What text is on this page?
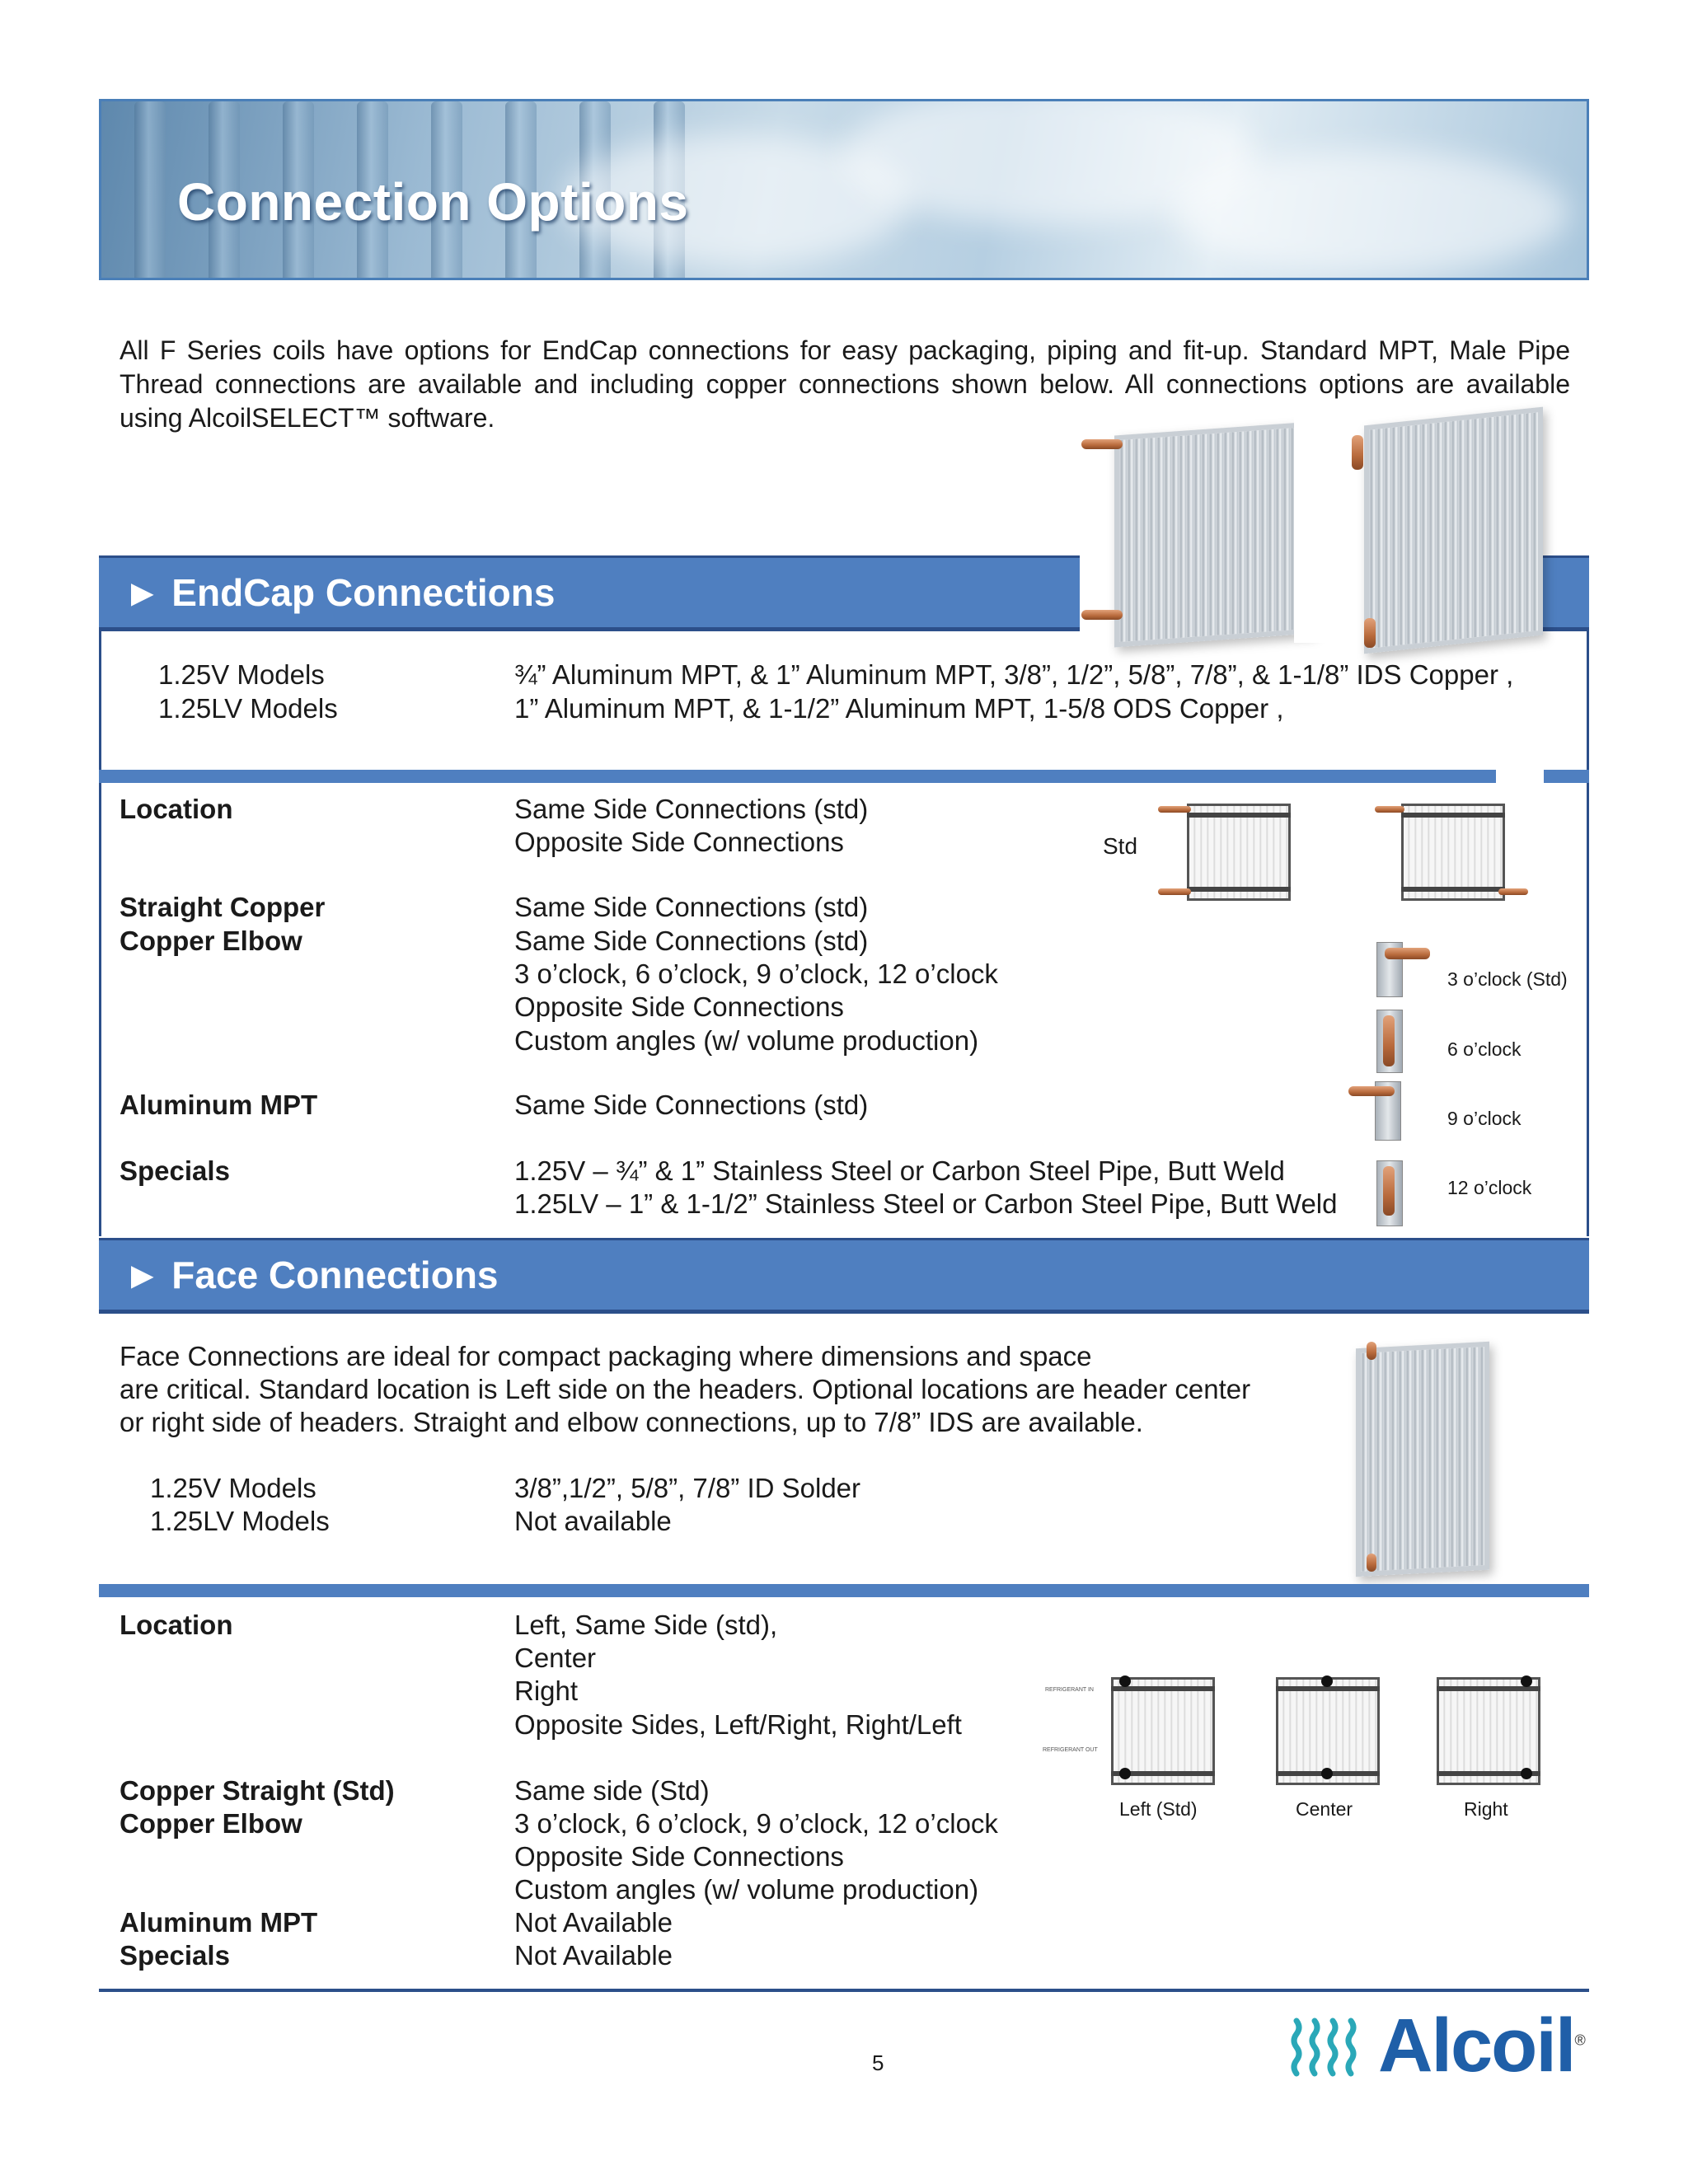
Connection Options
All F Series coils have options for EndCap connections for easy packaging, piping and fit-up. Standard MPT, Male Pipe Thread connections are available and including copper connections shown below. All connections options are available using AlcoilSELECT™ software.
► EndCap Connections
1.25V Models	¾” Aluminum MPT, & 1” Aluminum MPT, 3/8”, 1/2”, 5/8”, 7/8”, & 1-1/8” IDS Copper ,
1.25LV Models	1” Aluminum MPT, & 1-1/2” Aluminum MPT, 1-5/8 ODS Copper ,
Location	Same Side Connections (std)
Opposite Side Connections
Straight Copper	Same Side Connections (std)
Copper Elbow	Same Side Connections (std)
3 o’clock, 6 o’clock, 9 o’clock, 12 o’clock
Opposite Side Connections
Custom angles (w/ volume production)
Aluminum MPT	Same Side Connections (std)
Specials	1.25V – ¾” & 1” Stainless Steel or Carbon Steel Pipe, Butt Weld
1.25LV – 1” & 1-1/2” Stainless Steel or Carbon Steel Pipe, Butt Weld
Std
3 o’clock (Std)
6 o’clock
9 o’clock
12 o’clock
► Face Connections
Face Connections are ideal for compact packaging where dimensions and space
are critical. Standard location is Left side on the headers. Optional locations are header center
or right side of headers. Straight and elbow connections, up to 7/8” IDS are available.
1.25V Models	3/8”,1/2”, 5/8”, 7/8” ID Solder
1.25LV Models	Not available
Location	Left, Same Side (std),
Center
Right
Opposite Sides, Left/Right, Right/Left
Copper Straight (Std)	Same side (Std)
Copper Elbow	3 o’clock, 6 o’clock, 9 o’clock, 12 o’clock
Opposite Side Connections
Custom angles (w/ volume production)
Aluminum MPT	Not Available
Specials	Not Available
REFRIGERANT IN
REFRIGERANT OUT
Left (Std)	Center	Right
5	Alcoil®
